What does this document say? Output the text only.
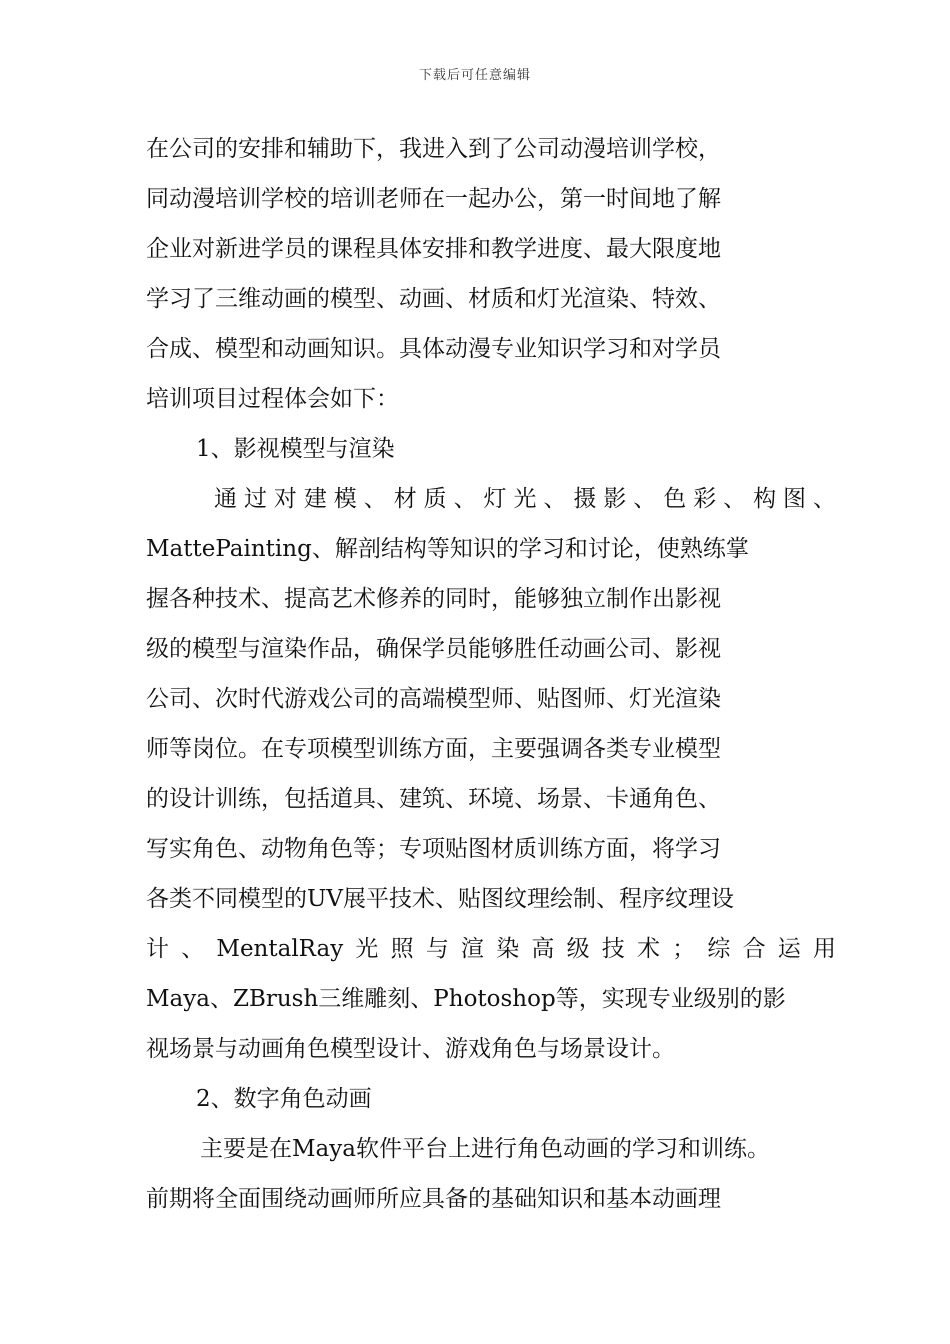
下载后可任意编辑
在公司的安排和辅助下，我进入到了公司动漫培训学校，
同动漫培训学校的培训老师在一起办公，第一时间地了解
企业对新进学员的课程具体安排和教学进度、最大限度地
学习了三维动画的模型、动画、材质和灯光渲染、特效、
合成、模型和动画知识。具体动漫专业知识学习和对学员
培训项目过程体会如下：
1、影视模型与渲染
通过对建模、材质、灯光、摄影、色彩、构图、
MattePainting、解剖结构等知识的学习和讨论，使熟练掌
握各种技术、提高艺术修养的同时，能够独立制作出影视
级的模型与渲染作品，确保学员能够胜任动画公司、影视
公司、次时代游戏公司的高端模型师、贴图师、灯光渲染
师等岗位。在专项模型训练方面，主要强调各类专业模型
的设计训练，包括道具、建筑、环境、场景、卡通角色、
写实角色、动物角色等；专项贴图材质训练方面，将学习
各类不同模型的UV展平技术、贴图纹理绘制、程序纹理设
计、MentalRay光照与渲染高级技术；综合运用
Maya、ZBrush三维雕刻、Photoshop等，实现专业级别的影
视场景与动画角色模型设计、游戏角色与场景设计。
2、数字角色动画
主要是在Maya软件平台上进行角色动画的学习和训练。
前期将全面围绕动画师所应具备的基础知识和基本动画理
